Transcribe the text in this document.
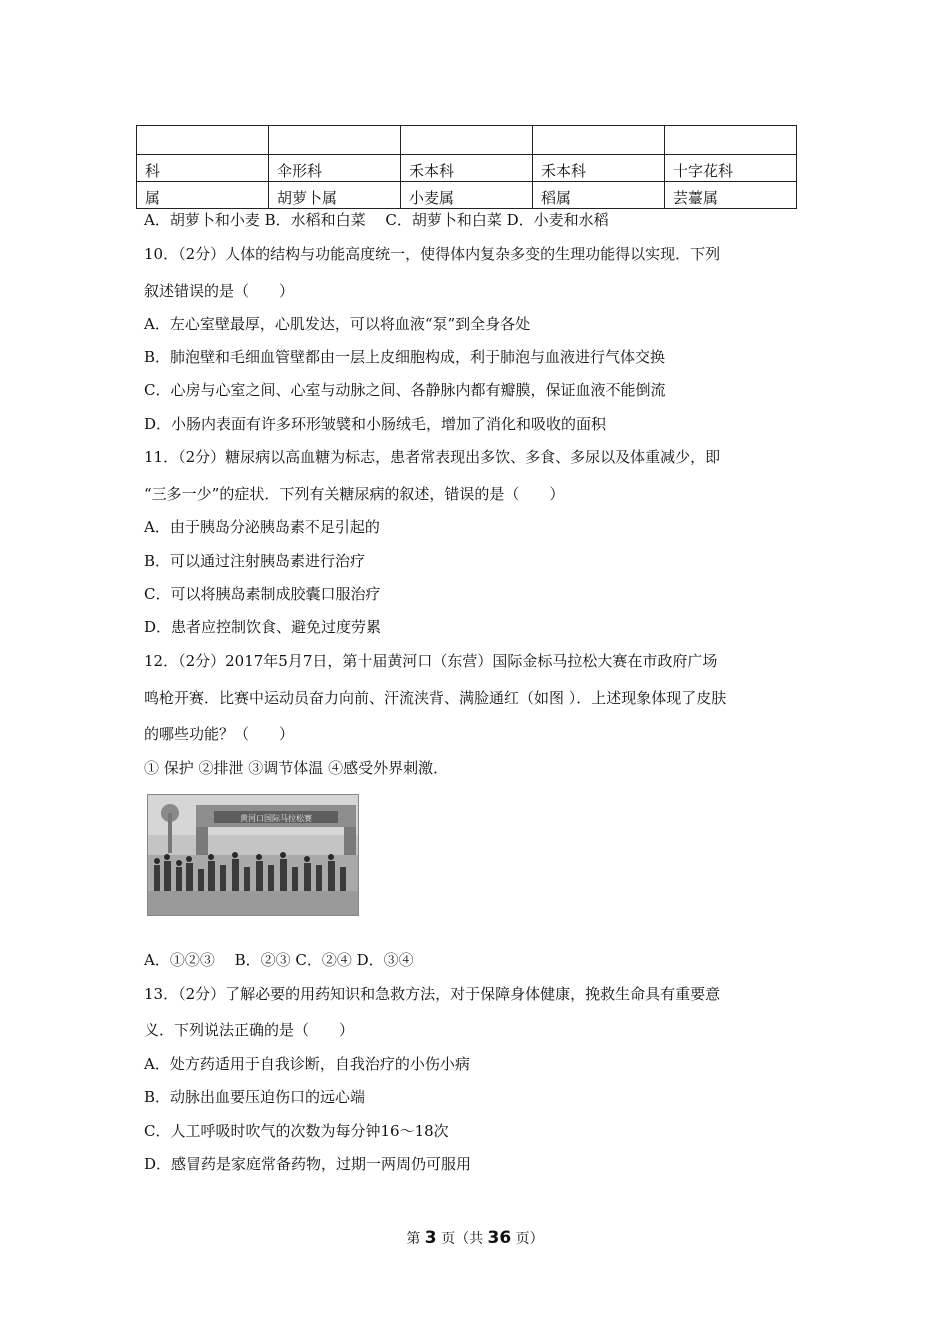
科	伞形科	禾本科	禾本科	十字花科
属	胡萝卜属	小麦属	稻属	芸薹属
A．胡萝卜和小麦 B．水稻和白菜　 C．胡萝卜和白菜 D．小麦和水稻
10．（2分）人体的结构与功能高度统一，使得体内复杂多变的生理功能得以实现．下列
叙述错误的是（　　）
A．左心室壁最厚，心肌发达，可以将血液“泵”到全身各处
B．肺泡壁和毛细血管壁都由一层上皮细胞构成，利于肺泡与血液进行气体交换
C．心房与心室之间、心室与动脉之间、各静脉内都有瓣膜，保证血液不能倒流
D．小肠内表面有许多环形皱襞和小肠绒毛，增加了消化和吸收的面积
11．（2分）糖尿病以高血糖为标志，患者常表现出多饮、多食、多尿以及体重减少，即
“三多一少”的症状．下列有关糖尿病的叙述，错误的是（　　）
A．由于胰岛分泌胰岛素不足引起的
B．可以通过注射胰岛素进行治疗
C．可以将胰岛素制成胶囊口服治疗
D．患者应控制饮食、避免过度劳累
12．（2分）2017年5月7日，第十届黄河口（东营）国际金标马拉松大赛在市政府广场
鸣枪开赛．比赛中运动员奋力向前、汗流浃背、满脸通红（如图 ）．上述现象体现了皮肤
的哪些功能？（　　）
① 保护 ②排泄 ③调节体温 ④感受外界刺激．
黄河口国际马拉松赛
A．①②③　 B．②③ C．②④ D．③④
13．（2分）了解必要的用药知识和急救方法，对于保障身体健康，挽救生命具有重要意
义．下列说法正确的是（　　）
A．处方药适用于自我诊断，自我治疗的小伤小病
B．动脉出血要压迫伤口的远心端
C．人工呼吸时吹气的次数为每分钟16～18次
D．感冒药是家庭常备药物，过期一两周仍可服用
第 3 页（共 36 页）
